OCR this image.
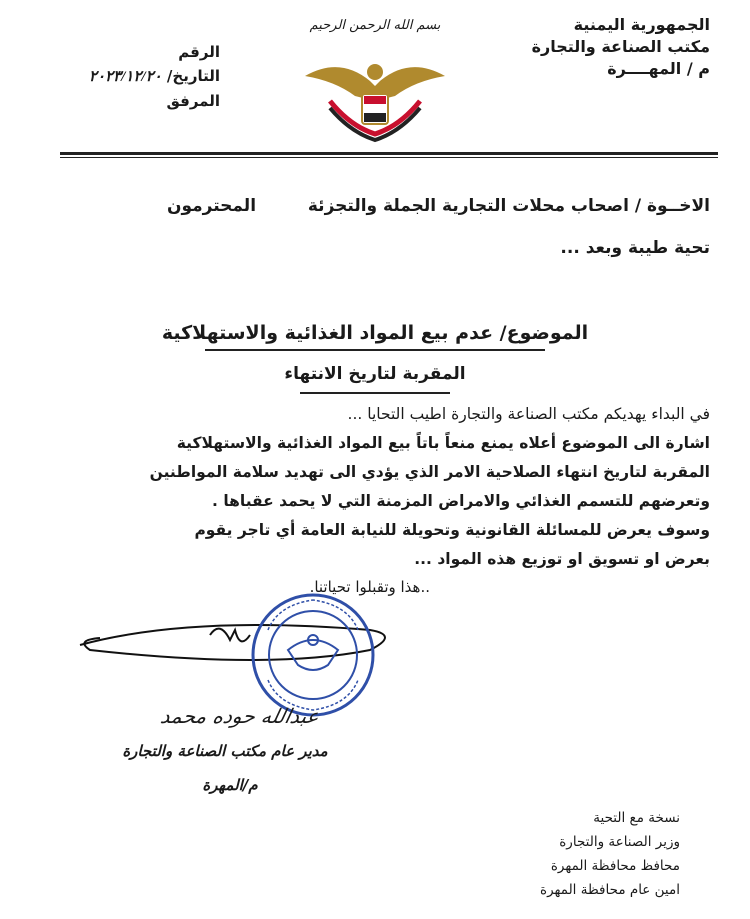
الجمهورية اليمنية
مكتب الصناعة والتجارة
م / المهــــرة
بسم الله الرحمن الرحيم
الرقم
التاريخ/ ٢٠٢٣/١٢/٢٠
المرفق
الاخــوة / اصحاب محلات التجارية الجملة والتجزئة  المحترمون
تحية طيبة وبعد ...
الموضوع/ عدم بيع المواد الغذائية والاستهلاكية
المقربة لتاريخ الانتهاء

في البداء يهديكم مكتب الصناعة والتجارة اطيب التحايا ...

اشارة الى الموضوع أعلاه يمنع منعاً باتاً بيع المواد الغذائية والاستهلاكية

المقربة لتاريخ انتهاء الصلاحية الامر الذي يؤدي الى تهديد سلامة المواطنين

وتعرضهم للتسمم الغذائي والامراض المزمنة التي لا يحمد عقباها .

وسوف يعرض للمسائلة القانونية وتحويلة للنيابة العامة أي تاجر يقوم

بعرض او تسويق او توزيع هذه المواد ...

..هذا وتقبلوا تحياتنا.
عبدالله حوده محمد
مدير عام مكتب الصناعة والتجارة
م/المهرة
نسخة مع التحية
وزير الصناعة والتجارة
محافظ محافظة المهرة
امين عام محافظة المهرة
